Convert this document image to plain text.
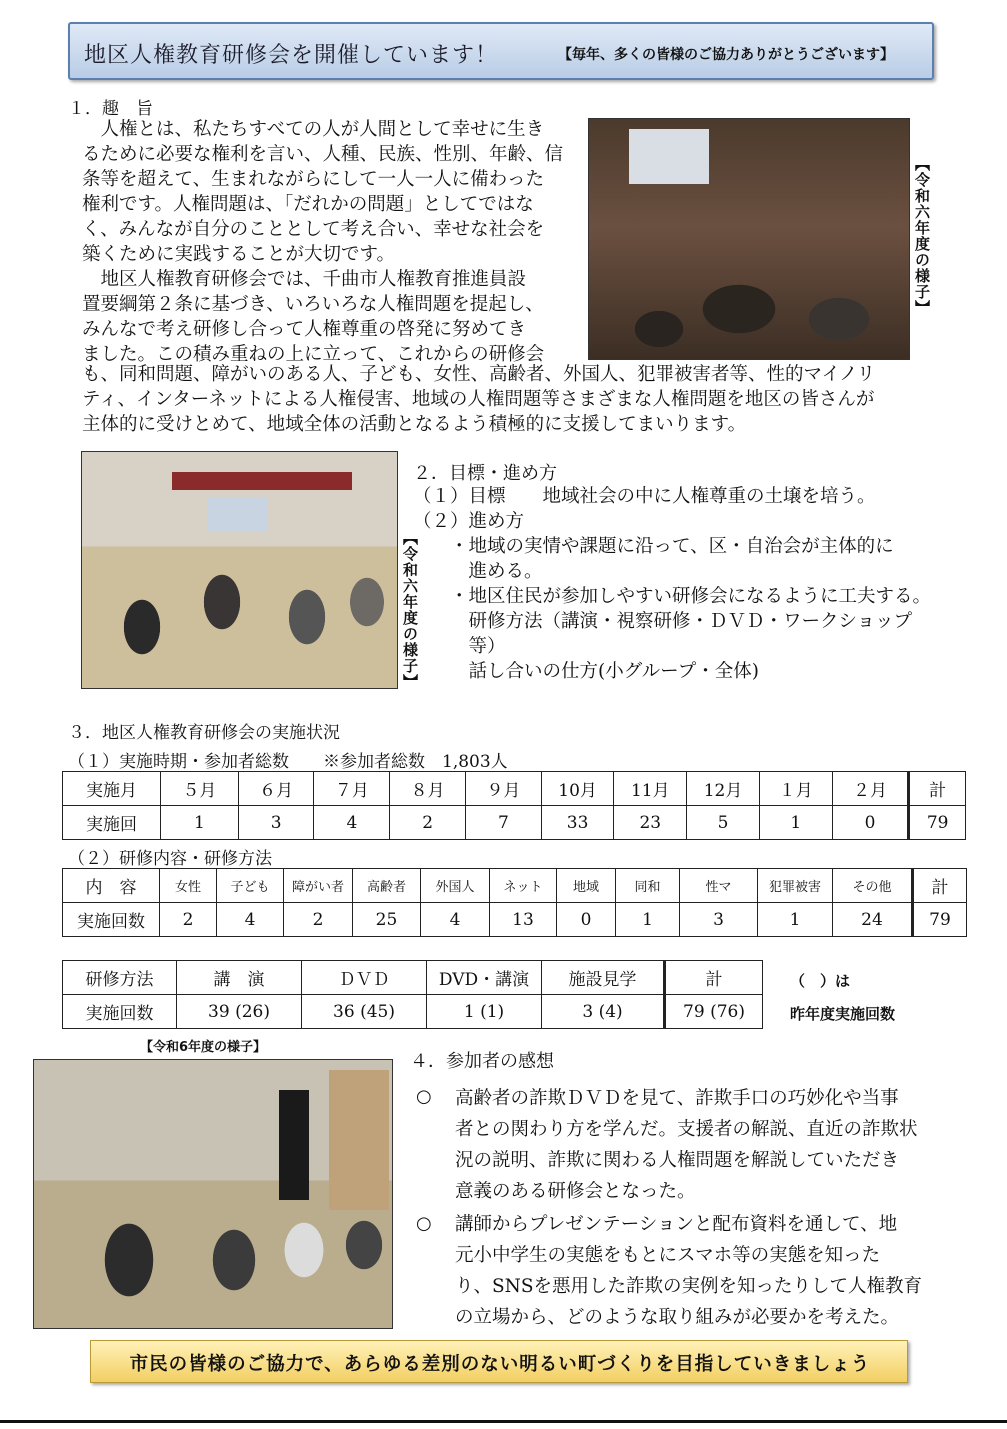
地区人権教育研修会を開催しています！	【毎年、多くの皆様のご協力ありがとうございます】
１．趣　旨
　人権とは、私たちすべての人が人間として幸せに生き
るために必要な権利を言い、人種、民族、性別、年齢、信
条等を超えて、生まれながらにして一人一人に備わった
権利です。人権問題は、「だれかの問題」としてではな
く、みんなが自分のこととして考え合い、幸せな社会を
築くために実践することが大切です。
　地区人権教育研修会では、千曲市人権教育推進員設
置要綱第２条に基づき、いろいろな人権問題を提起し、
みんなで考え研修し合って人権尊重の啓発に努めてき
ました。この積み重ねの上に立って、これからの研修会
も、同和問題、障がいのある人、子ども、女性、高齢者、外国人、犯罪被害者等、性的マイノリ
ティ、インターネットによる人権侵害、地域の人権問題等さまざまな人権問題を地区の皆さんが
主体的に受けとめて、地域全体の活動となるよう積極的に支援してまいります。
【令和六年度の様子】
【令和六年度の様子】
２．目標・進め方
（１）目標　　地域社会の中に人権尊重の土壌を培う。
（２）進め方
　　・地域の実情や課題に沿って、区・自治会が主体的に
　　　進める。
　　・地区住民が参加しやすい研修会になるように工夫する。
　　　研修方法（講演・視察研修・ＤＶＤ・ワークショップ
　　　等）
　　　話し合いの仕方(小グループ・全体)
３．地区人権教育研修会の実施状況
（１）実施時期・参加者総数　　※参加者総数　1,803人
実施月	５月	６月	７月	８月	９月	10月	11月	12月	１月	２月	計
実施回	1	3	4	2	7	33	23	5	1	0	79
（２）研修内容・研修方法
内　容	女性	子ども	障がい者	高齢者	外国人	ネット	地域	同和	性マ	犯罪被害	その他	計
実施回数	2	4	2	25	4	13	0	1	3	1	24	79
研修方法	講　演	ＤＶＤ	DVD・講演	施設見学	計
実施回数	39 (26)	36 (45)	1 (1)	3 (4)	79 (76)
（　）は
昨年度実施回数
【令和6年度の様子】
４．参加者の感想
○ 高齢者の詐欺ＤＶＤを見て、詐欺手口の巧妙化や当事
者との関わり方を学んだ。支援者の解説、直近の詐欺状
況の説明、詐欺に関わる人権問題を解説していただき
意義のある研修会となった。
○ 講師からプレゼンテーションと配布資料を通して、地
元小中学生の実態をもとにスマホ等の実態を知った
り、SNSを悪用した詐欺の実例を知ったりして人権教育
の立場から、どのような取り組みが必要かを考えた。
市民の皆様のご協力で、あらゆる差別のない明るい町づくりを目指していきましょう
